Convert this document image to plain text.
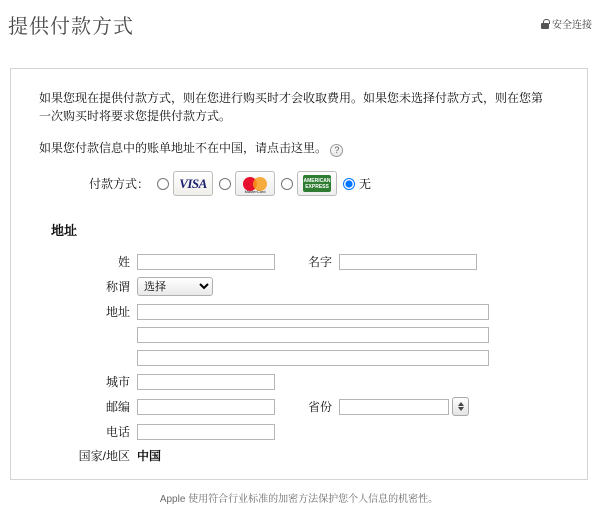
安全连接
提供付款方式

如果您现在提供付款方式，则在您进行购买时才会收取费用。如果您未选择付款方式，则在您第一次购买时将要求您提供付款方式。

如果您付款信息中的账单地址不在中国，请点击这里。 ?

付款方式： VISA
MasterCard
AMERICAN EXPRESS	无
地址
姓	名字
称谓
选择
地址
城市
邮编	省份
电话
国家/地区 中国
Apple 使用符合行业标准的加密方法保护您个人信息的机密性。
